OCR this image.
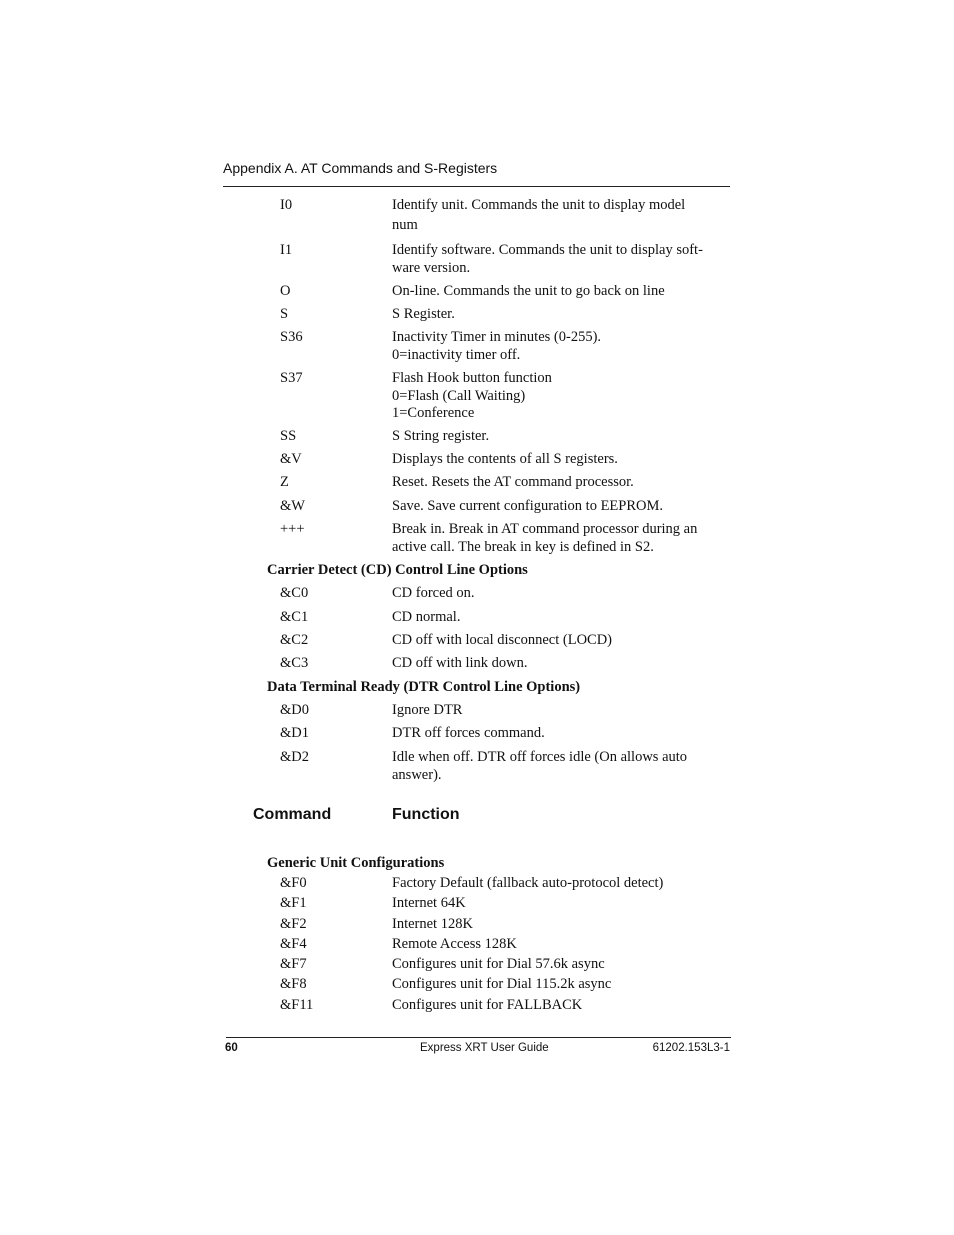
Appendix A. AT Commands and S-Registers
I0	Identify unit. Commands the unit to display model
num
I1	Identify software. Commands the unit to display soft-
ware version.
O	On-line. Commands the unit to go back on line
S	S Register.
S36	Inactivity Timer in minutes (0-255).
0=inactivity timer off.
S37	Flash Hook button function
0=Flash (Call Waiting)
1=Conference
SS	S String register.
&V	Displays the contents of all S registers.
Z	Reset. Resets the AT command processor.
&W	Save. Save current configuration to EEPROM.
+++	Break in. Break in AT command processor during an
active call. The break in key is defined in S2.
Carrier Detect (CD) Control Line Options
&C0	CD forced on.
&C1	CD normal.
&C2	CD off with local disconnect (LOCD)
&C3	CD off with link down.
Data Terminal Ready (DTR Control Line Options)
&D0	Ignore DTR
&D1	DTR off forces command.
&D2	Idle when off. DTR off forces idle (On allows auto
answer).
Command	Function
Generic Unit Configurations
&F0	Factory Default (fallback auto-protocol detect)
&F1	Internet 64K
&F2	Internet 128K
&F4	Remote Access 128K
&F7	Configures unit for Dial 57.6k async
&F8	Configures unit for Dial 115.2k async
&F11	Configures unit for FALLBACK
60	Express XRT User Guide	61202.153L3-1
